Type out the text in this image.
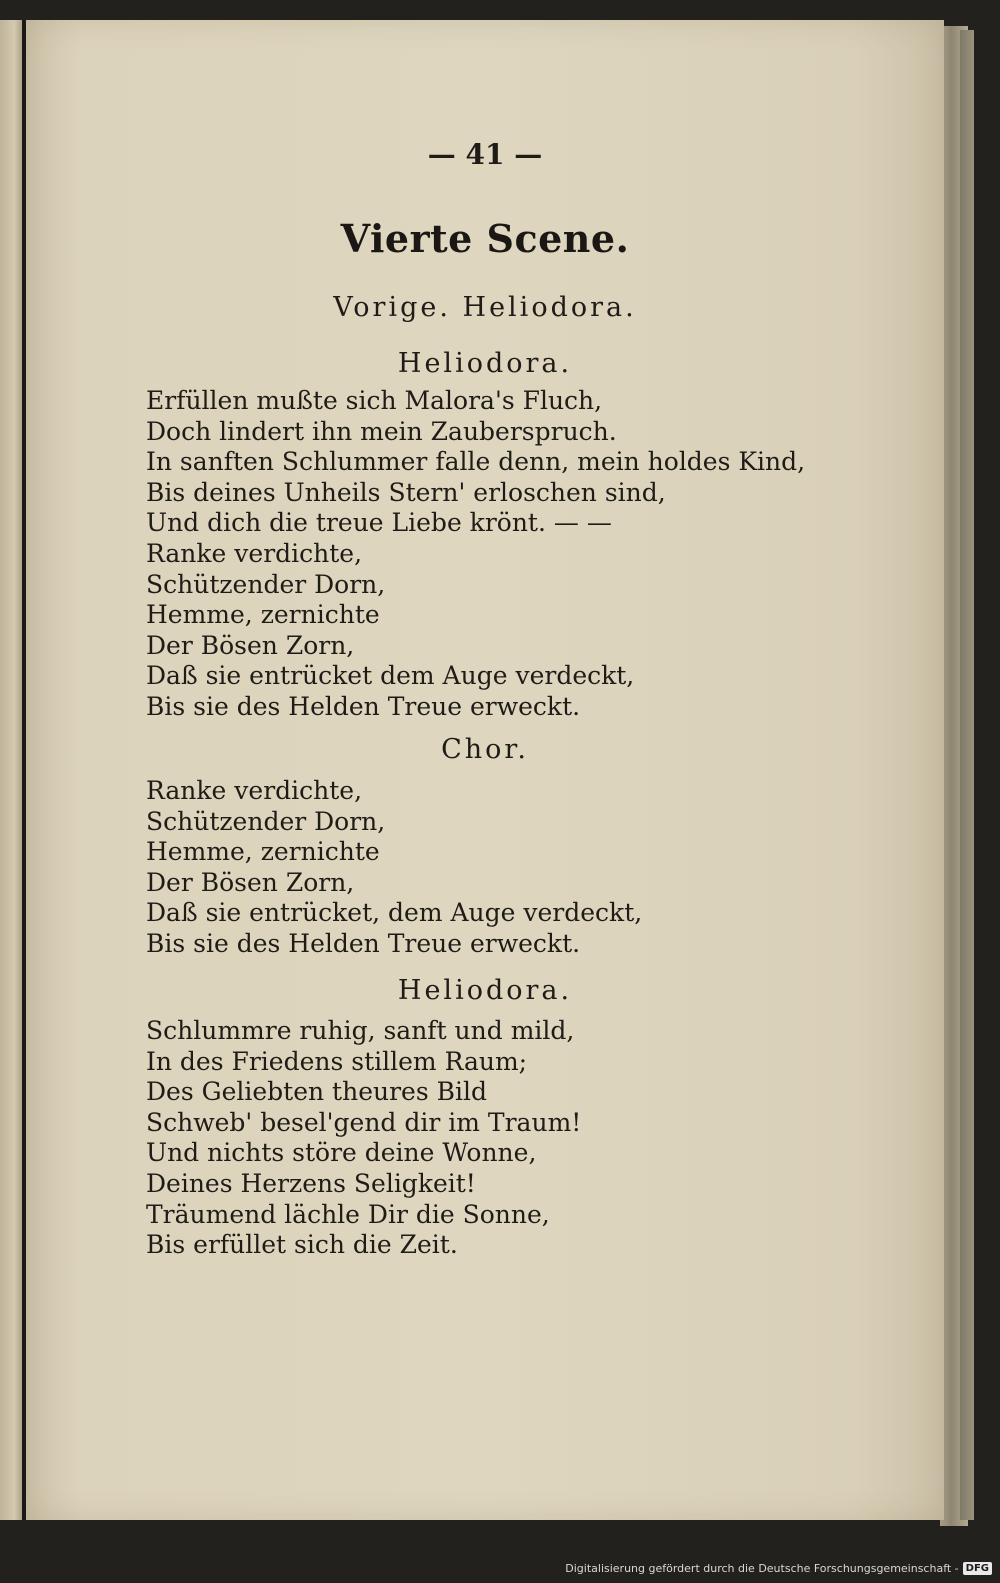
— 41 —
Vierte Scene.
Vorige. Heliodora.
Heliodora.
Erfüllen mußte sich Malora's Fluch,
Doch lindert ihn mein Zauberspruch.
In sanften Schlummer falle denn, mein holdes Kind,
Bis deines Unheils Stern' erloschen sind,
Und dich die treue Liebe krönt. — —
Ranke verdichte,
Schützender Dorn,
Hemme, zernichte
Der Bösen Zorn,
Daß sie entrücket dem Auge verdeckt,
Bis sie des Helden Treue erweckt.
Chor.
Ranke verdichte,
Schützender Dorn,
Hemme, zernichte
Der Bösen Zorn,
Daß sie entrücket, dem Auge verdeckt,
Bis sie des Helden Treue erweckt.
Heliodora.
Schlummre ruhig, sanft und mild,
In des Friedens stillem Raum;
Des Geliebten theures Bild
Schweb' besel'gend dir im Traum!
Und nichts störe deine Wonne,
Deines Herzens Seligkeit!
Träumend lächle Dir die Sonne,
Bis erfüllet sich die Zeit.
Digitalisierung gefördert durch die Deutsche Forschungsgemeinschaft - DFG
